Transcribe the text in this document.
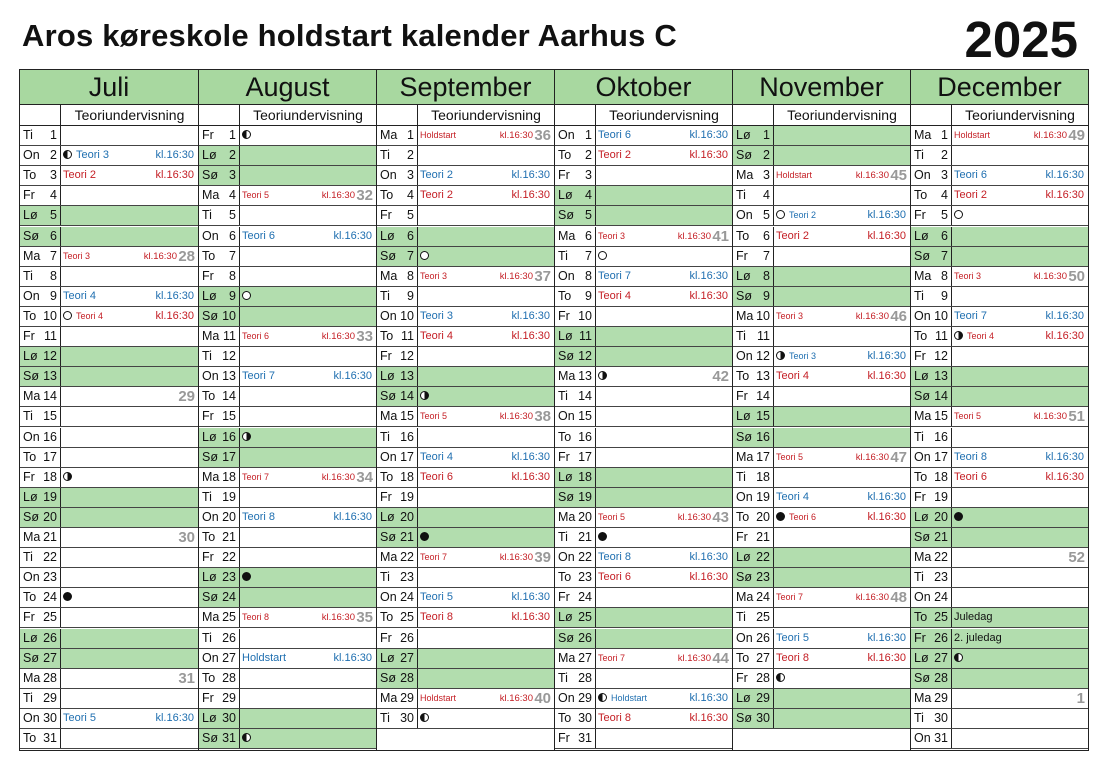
Aros køreskole holdstart kalender Aarhus C	2025
Juli
Teoriundervisning
Ti 1
On 2 Teori 3	kl.16:30
To 3 Teori 2	kl.16:30
Fr 4
Lø 5
Sø 6
Ma 7 Teori 3	kl.16:30 28
Ti 8
On 9 Teori 4	kl.16:30
To 10 Teori 4	kl.16:30
Fr 11
Lø 12
Sø 13
Ma 14	29
Ti 15
On 16
To 17
Fr 18
Lø 19
Sø 20
Ma 21	30
Ti 22
On 23
To 24
Fr 25
Lø 26
Sø 27
Ma 28	31
Ti 29
On 30 Teori 5	kl.16:30
To 31
August
Teoriundervisning
Fr 1
Lø 2
Sø 3
Ma 4 Teori 5	kl.16:30 32
Ti 5
On 6 Teori 6	kl.16:30
To 7
Fr 8
Lø 9
Sø 10
Ma 11 Teori 6	kl.16:30 33
Ti 12
On 13 Teori 7	kl.16:30
To 14
Fr 15
Lø 16
Sø 17
Ma 18 Teori 7	kl.16:30 34
Ti 19
On 20 Teori 8	kl.16:30
To 21
Fr 22
Lø 23
Sø 24
Ma 25 Teori 8	kl.16:30 35
Ti 26
On 27 Holdstart	kl.16:30
To 28
Fr 29
Lø 30
Sø 31
September
Teoriundervisning
Ma 1 Holdstart	kl.16:30 36
Ti 2
On 3 Teori 2	kl.16:30
To 4 Teori 2	kl.16:30
Fr 5
Lø 6
Sø 7
Ma 8 Teori 3	kl.16:30 37
Ti 9
On 10 Teori 3	kl.16:30
To 11 Teori 4	kl.16:30
Fr 12
Lø 13
Sø 14
Ma 15 Teori 5	kl.16:30 38
Ti 16
On 17 Teori 4	kl.16:30
To 18 Teori 6	kl.16:30
Fr 19
Lø 20
Sø 21
Ma 22 Teori 7	kl.16:30 39
Ti 23
On 24 Teori 5	kl.16:30
To 25 Teori 8	kl.16:30
Fr 26
Lø 27
Sø 28
Ma 29 Holdstart	kl.16:30 40
Ti 30
Oktober
Teoriundervisning
On 1 Teori 6	kl.16:30
To 2 Teori 2	kl.16:30
Fr 3
Lø 4
Sø 5
Ma 6 Teori 3	kl.16:30 41
Ti 7
On 8 Teori 7	kl.16:30
To 9 Teori 4	kl.16:30
Fr 10
Lø 11
Sø 12
Ma 13	42
Ti 14
On 15
To 16
Fr 17
Lø 18
Sø 19
Ma 20 Teori 5	kl.16:30 43
Ti 21
On 22 Teori 8	kl.16:30
To 23 Teori 6	kl.16:30
Fr 24
Lø 25
Sø 26
Ma 27 Teori 7	kl.16:30 44
Ti 28
On 29 Holdstart	kl.16:30
To 30 Teori 8	kl.16:30
Fr 31
November
Teoriundervisning
Lø 1
Sø 2
Ma 3 Holdstart	kl.16:30 45
Ti 4
On 5 Teori 2	kl.16:30
To 6 Teori 2	kl.16:30
Fr 7
Lø 8
Sø 9
Ma 10 Teori 3	kl.16:30 46
Ti 11
On 12 Teori 3	kl.16:30
To 13 Teori 4	kl.16:30
Fr 14
Lø 15
Sø 16
Ma 17 Teori 5	kl.16:30 47
Ti 18
On 19 Teori 4	kl.16:30
To 20 Teori 6	kl.16:30
Fr 21
Lø 22
Sø 23
Ma 24 Teori 7	kl.16:30 48
Ti 25
On 26 Teori 5	kl.16:30
To 27 Teori 8	kl.16:30
Fr 28
Lø 29
Sø 30
December
Teoriundervisning
Ma 1 Holdstart	kl.16:30 49
Ti 2
On 3 Teori 6	kl.16:30
To 4 Teori 2	kl.16:30
Fr 5
Lø 6
Sø 7
Ma 8 Teori 3	kl.16:30 50
Ti 9
On 10 Teori 7	kl.16:30
To 11 Teori 4	kl.16:30
Fr 12
Lø 13
Sø 14
Ma 15 Teori 5	kl.16:30 51
Ti 16
On 17 Teori 8	kl.16:30
To 18 Teori 6	kl.16:30
Fr 19
Lø 20
Sø 21
Ma 22	52
Ti 23
On 24
To 25 Juledag
Fr 26 2. juledag
Lø 27
Sø 28
Ma 29	1
Ti 30
On 31
